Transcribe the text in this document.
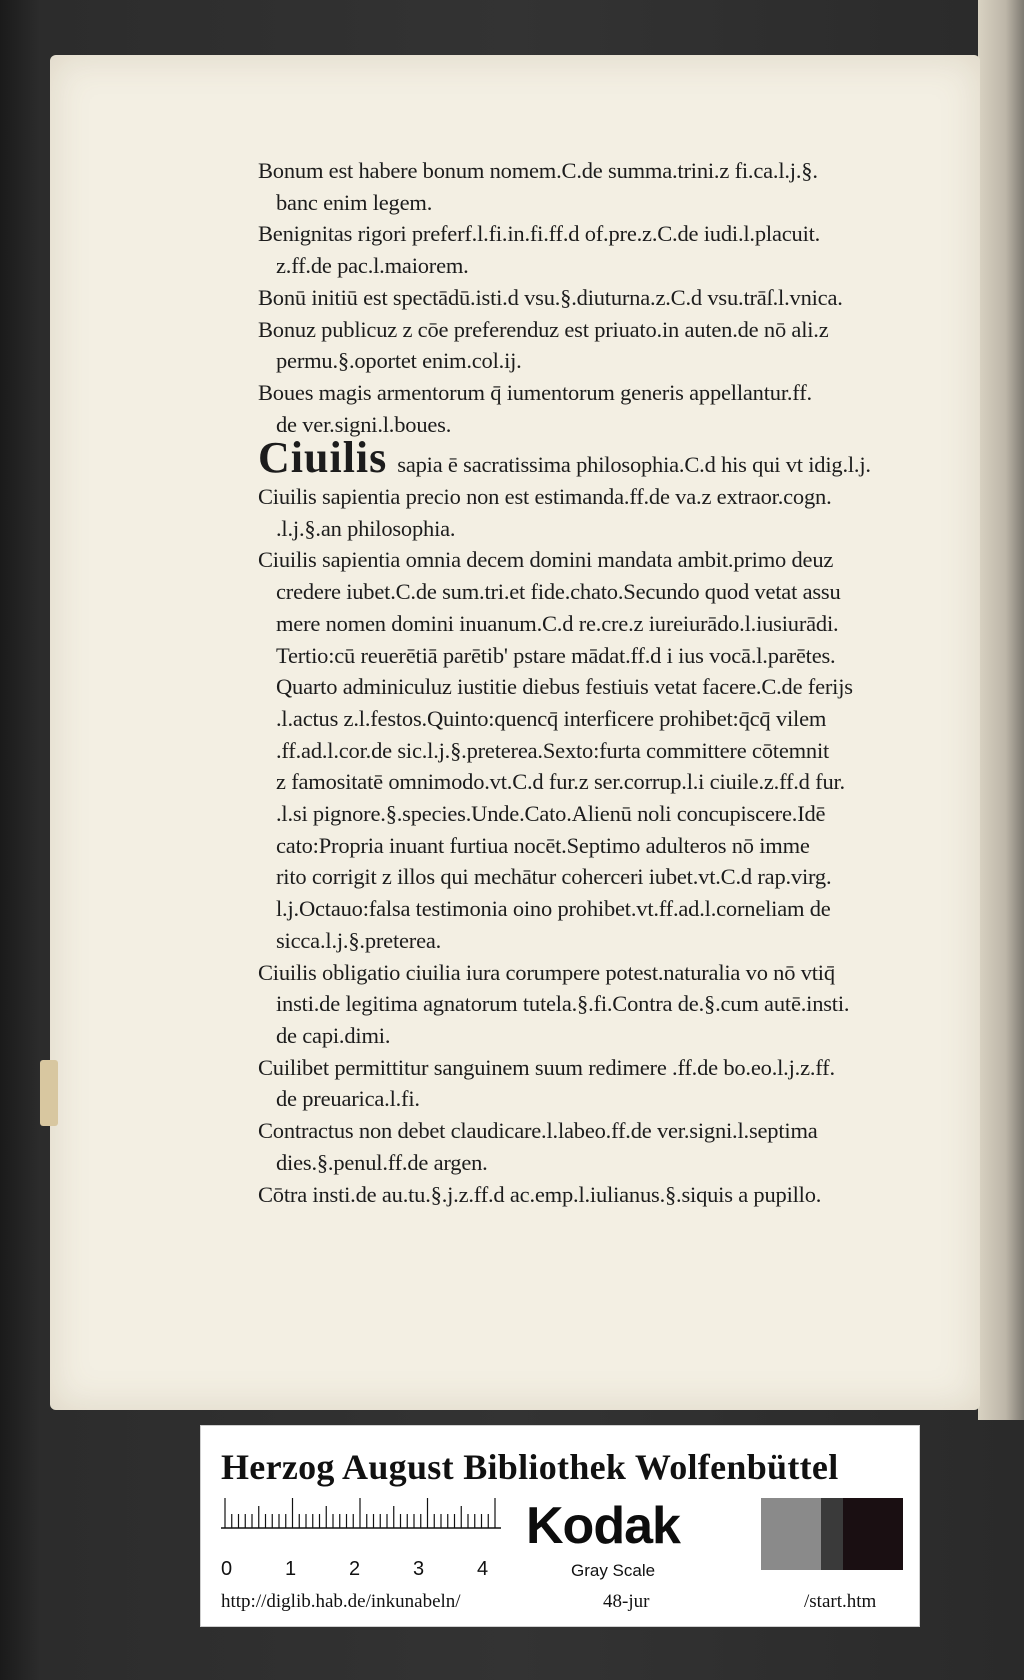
Bonum est habere bonum nomem.C.de summa.trini.z fi.ca.l.j.§.
banc enim legem.
Benignitas rigori preferf.l.fi.in.fi.ff.d of.pre.z.C.de iudi.l.placuit.
z.ff.de pac.l.maiorem.
Bonū initiū est spectādū.isti.d vsu.§.diuturna.z.C.d vsu.trāſ.l.vnica.
Bonuz publicuz z cōe preferenduz est priuato.in auten.de nō ali.z
permu.§.oportet enim.col.ij.
Boues magis armentorum q̄ iumentorum generis appellantur.ff.
de ver.signi.l.boues.
Ciuilis sapia ē sacratissima philosophia.C.d his qui vt idig.l.j.
Ciuilis sapientia precio non est estimanda.ff.de va.z extraor.cogn.
.l.j.§.an philosophia.
Ciuilis sapientia omnia decem domini mandata ambit.primo deuz
credere iubet.C.de sum.tri.et fide.chato.Secundo quod vetat assu
mere nomen domini inuanum.C.d re.cre.z iureiurādo.l.iusiurādi.
Tertio:cū reuerētiā parētib' pstare mādat.ff.d i ius vocā.l.parētes.
Quarto adminiculuz iustitie diebus festiuis vetat facere.C.de ferijs
.l.actus z.l.festos.Quinto:quencq̄ interficere prohibet:q̄cq̄ vilem
.ff.ad.l.cor.de sic.l.j.§.preterea.Sexto:furta committere cōtemnit
z famositatē omnimodo.vt.C.d fur.z ser.corrup.l.i ciuile.z.ff.d fur.
.l.si pignore.§.species.Unde.Cato.Alienū noli concupiscere.Idē
cato:Propria inuant furtiua nocēt.Septimo adulteros nō imme
rito corrigit z illos qui mechātur coherceri iubet.vt.C.d rap.virg.
l.j.Octauo:falsa testimonia oino prohibet.vt.ff.ad.l.corneliam de
sicca.l.j.§.preterea.
Ciuilis obligatio ciuilia iura corumpere potest.naturalia vo nō vtiq̄
insti.de legitima agnatorum tutela.§.fi.Contra de.§.cum autē.insti.
de capi.dimi.
Cuilibet permittitur sanguinem suum redimere .ff.de bo.eo.l.j.z.ff.
de preuarica.l.fi.
Contractus non debet claudicare.l.labeo.ff.de ver.signi.l.septima
dies.§.penul.ff.de argen.
Cōtra insti.de au.tu.§.j.z.ff.d ac.emp.l.iulianus.§.siquis a pupillo.
Herzog August Bibliothek Wolfenbüttel
0	1	2	3	4
Kodak
Gray Scale
http://diglib.hab.de/inkunabeln/	48-jur	/start.htm
